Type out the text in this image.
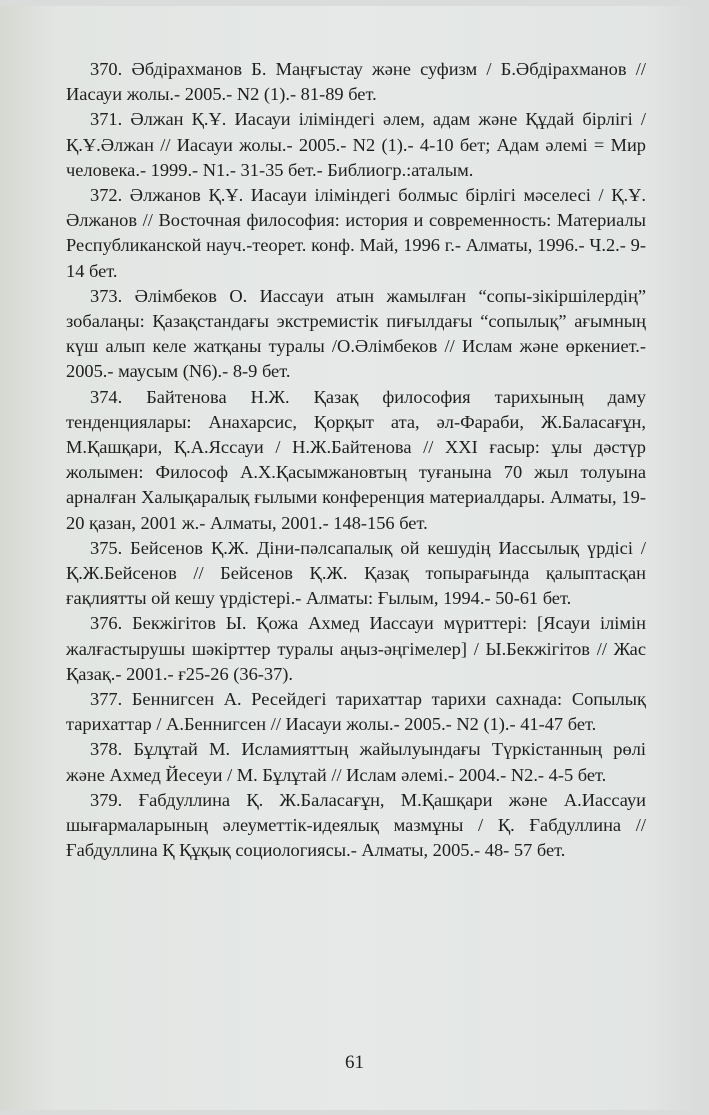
370. Әбдірахманов Б. Маңғыстау және суфизм / Б.Әбдірахманов // Иасауи жолы.- 2005.- N2 (1).- 81-89 бет.

371. Әлжан Қ.Ұ. Иасауи іліміндегі әлем, адам және Құдай бірлігі / Қ.Ұ.Әлжан // Иасауи жолы.- 2005.- N2 (1).- 4-10 бет; Адам әлемі = Мир человека.- 1999.- N1.- 31-35 бет.- Библиогр.:аталым.

372. Әлжанов Қ.Ұ. Иасауи іліміндегі болмыс бірлігі мәселесі / Қ.Ұ. Әлжанов // Восточная философия: история и современность: Материалы Республиканской науч.-теорет. конф. Май, 1996 г.- Алматы, 1996.- Ч.2.- 9-14 бет.

373. Әлімбеков О. Иассауи атын жамылған “сопы-зікіршілердің” зобалаңы: Қазақстандағы экстремистік пиғылдағы “сопылық” ағымның күш алып келе жатқаны туралы /О.Әлімбеков // Ислам және өркениет.- 2005.- маусым (N6).- 8-9 бет.

374. Байтенова Н.Ж. Қазақ философия тарихының даму тенденциялары: Анахарсис, Қорқыт ата, әл-Фараби, Ж.Баласағұн, М.Қашқари, Қ.А.Яссауи / Н.Ж.Байтенова // XXI ғасыр: ұлы дәстүр жолымен: Философ А.Х.Қасымжановтың туғанына 70 жыл толуына арналған Халықаралық ғылыми конференция материалдары. Алматы, 19-20 қазан, 2001 ж.- Алматы, 2001.- 148-156 бет.

375. Бейсенов Қ.Ж. Діни-пәлсапалық ой кешудің Иассылық үрдісі / Қ.Ж.Бейсенов // Бейсенов Қ.Ж. Қазақ топырағында қалыптасқан ғақлиятты ой кешу үрдістері.- Алматы: Ғылым, 1994.- 50-61 бет.

376. Бекжігітов Ы. Қожа Ахмед Иассауи мүриттері: [Ясауи ілімін жалғастырушы шәкірттер туралы аңыз-әңгімелер] / Ы.Бекжігітов // Жас Қазақ.- 2001.- ғ25-26 (36-37).

377. Беннигсен А. Ресейдегі тарихаттар тарихи сахнада: Сопылық тарихаттар / А.Беннигсен // Иасауи жолы.- 2005.- N2 (1).- 41-47 бет.

378. Бұлұтай М. Исламияттың жайылуындағы Түркістанның рөлі және Ахмед Йесеуи / М. Бұлұтай // Ислам әлемі.- 2004.- N2.- 4-5 бет.

379. Ғабдуллина Қ. Ж.Баласағұн, М.Қашқари және А.Иассауи шығармаларының әлеуметтік-идеялық мазмұны / Қ. Ғабдуллина // Ғабдуллина Қ Құқық социологиясы.- Алматы, 2005.- 48- 57 бет.

61
